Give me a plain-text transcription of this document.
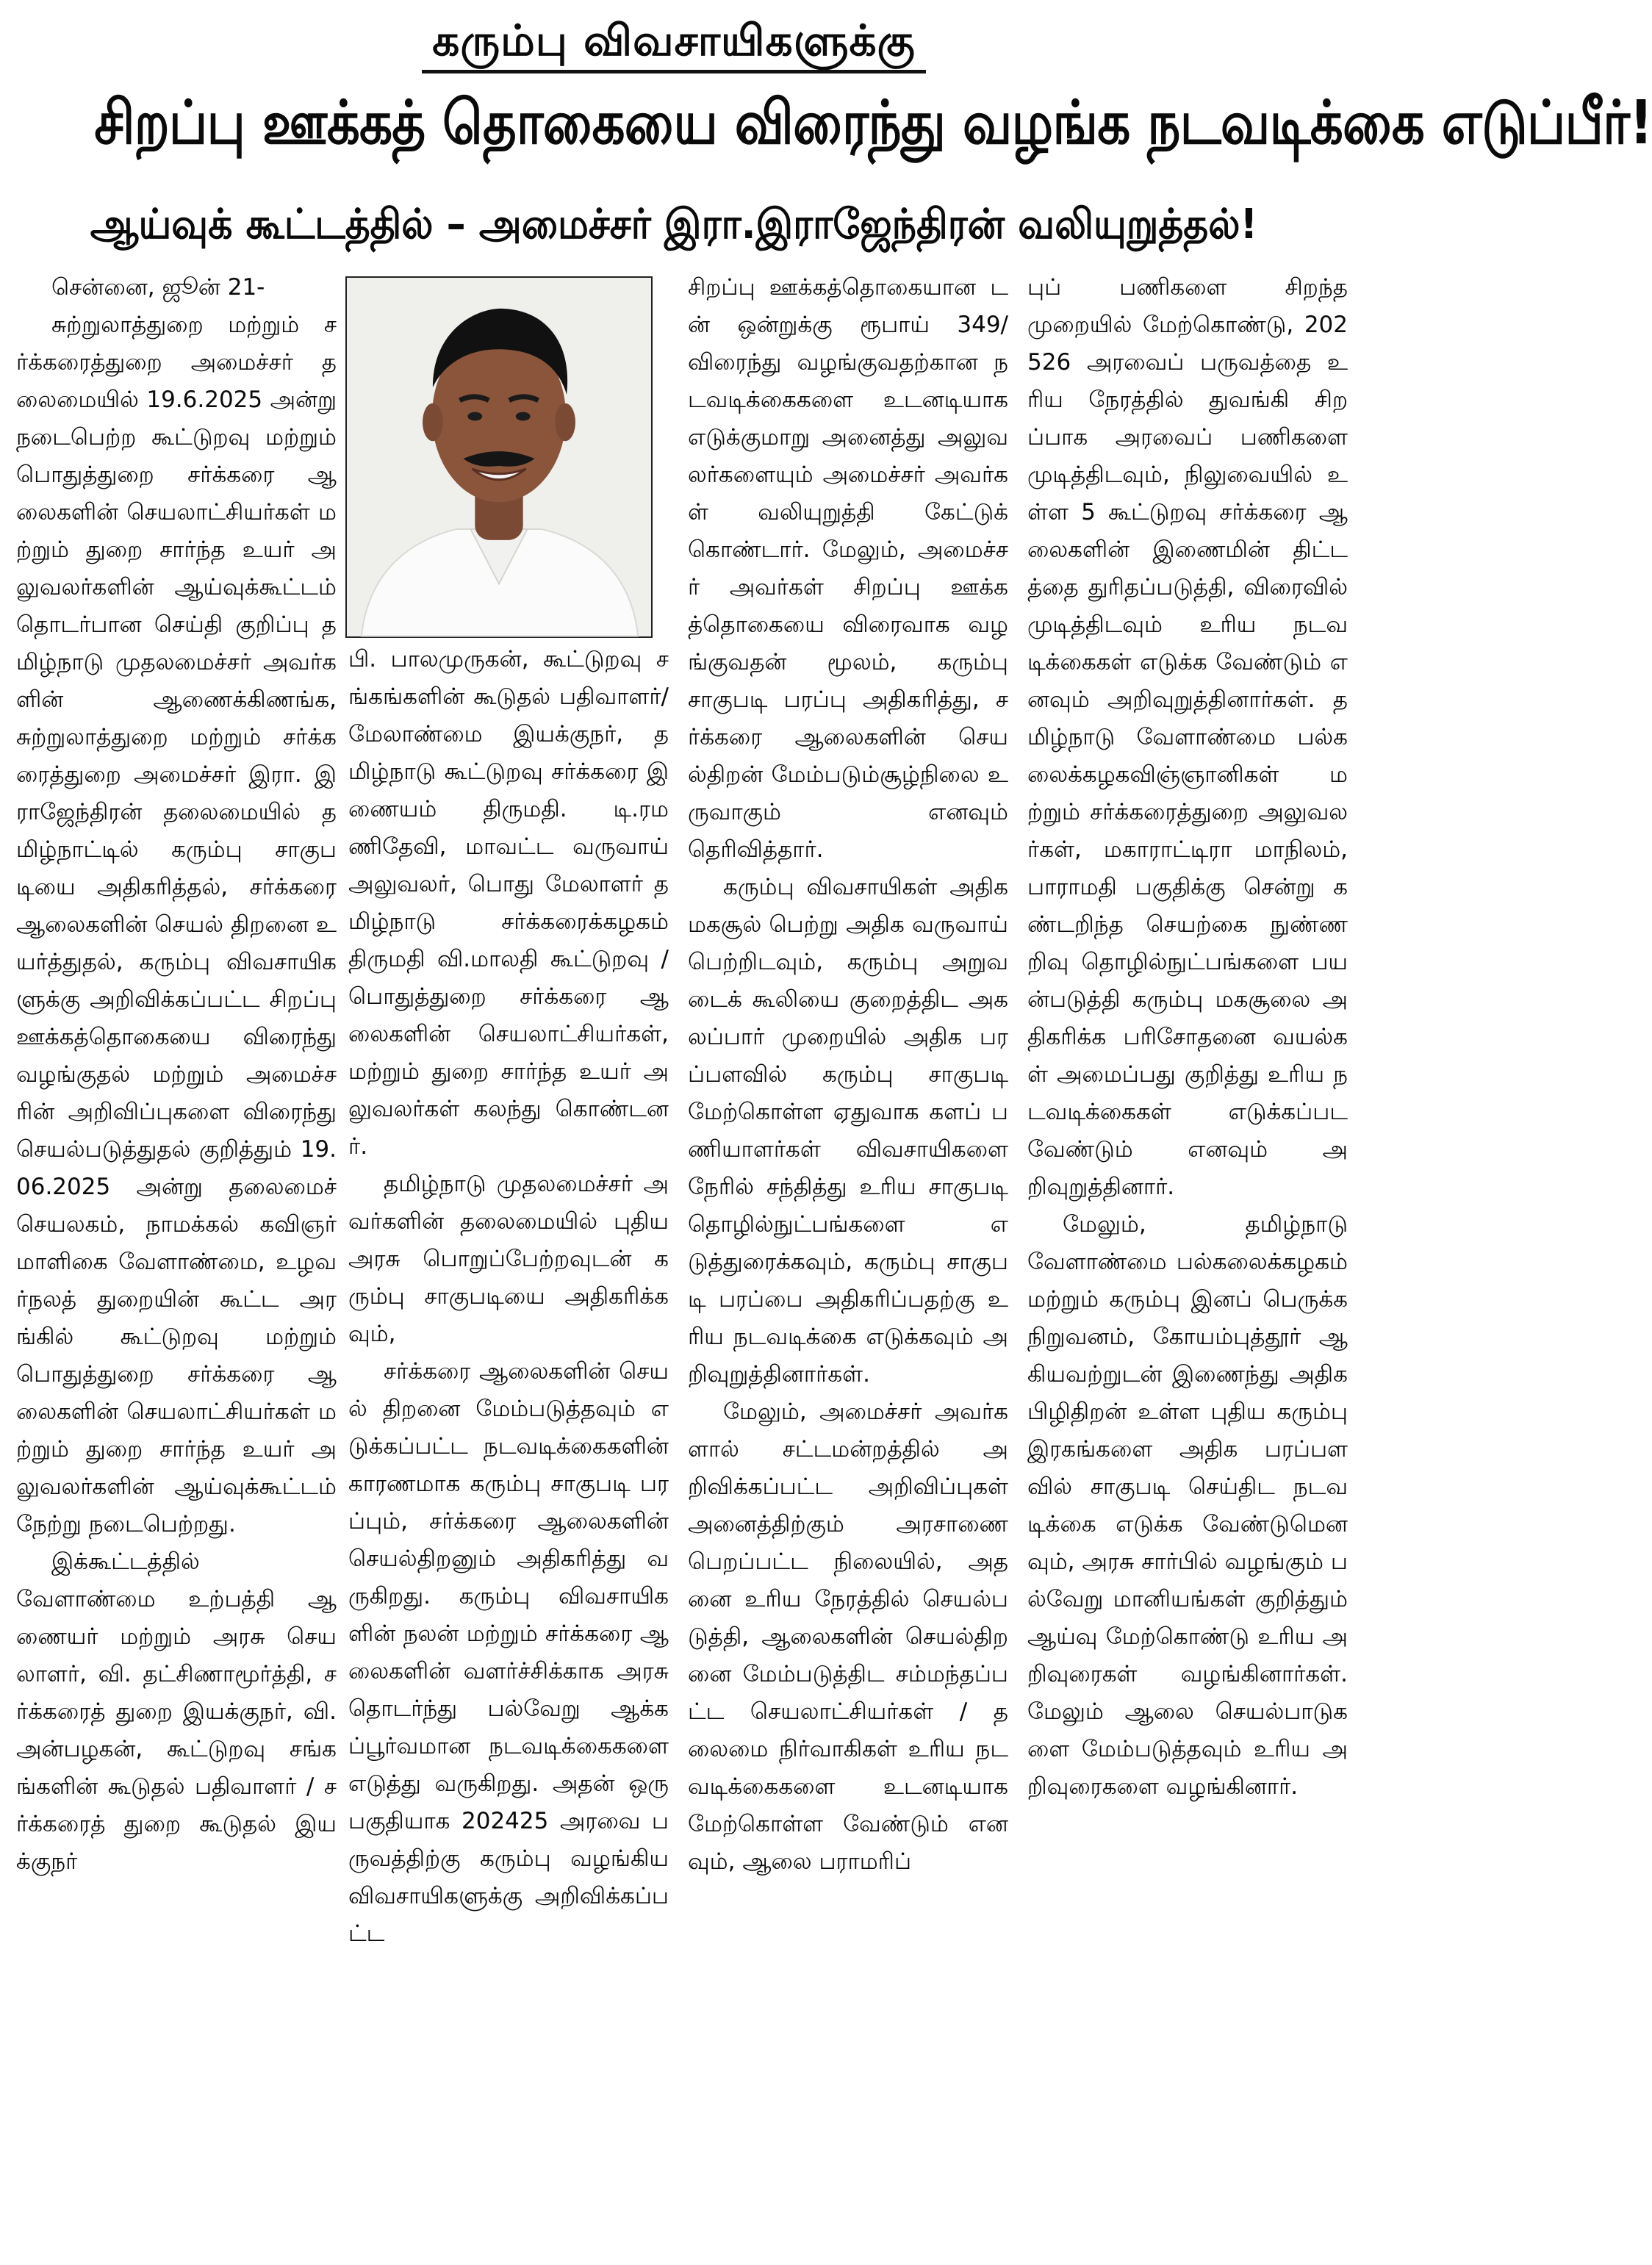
கரும்பு விவசாயிகளுக்கு
சிறப்பு ஊக்கத் தொகையை விரைந்து வழங்க நடவடிக்கை எடுப்பீர்!
ஆய்வுக் கூட்டத்தில் – அமைச்சர் இரா.இராஜேந்திரன் வலியுறுத்தல்!

சென்னை, ஜூன் 21-

சுற்றுலாத்துறை மற்றும் சர்க்கரைத்துறை அமைச்சர் தலைமையில் 19.6.2025 அன்று நடைபெற்ற கூட்டுறவு மற்றும் பொதுத்துறை சர்க்கரை ஆலைகளின் செயலாட்சியர்கள் மற்றும் துறை சார்ந்த உயர் அலுவலர்களின் ஆய்வுக்கூட்டம் தொடர்பான செய்தி குறிப்பு தமிழ்நாடு முதலமைச்சர் அவர்களின் ஆணைக்கிணங்க, சுற்றுலாத்துறை மற்றும் சர்க்கரைத்துறை அமைச்சர் இரா. இராஜேந்திரன் தலைமையில் தமிழ்நாட்டில் கரும்பு சாகுபடியை அதிகரித்தல், சர்க்கரை ஆலைகளின் செயல் திறனை உயர்த்துதல், கரும்பு விவசாயிகளுக்கு அறிவிக்கப்பட்ட சிறப்பு ஊக்கத்தொகையை விரைந்து வழங்குதல் மற்றும் அமைச்சரின் அறிவிப்புகளை விரைந்து செயல்படுத்துதல் குறித்தும் 19.06.2025 அன்று தலைமைச் செயலகம், நாமக்கல் கவிஞர் மாளிகை வேளாண்மை, உழவர்நலத் துறையின் கூட்ட அரங்கில் கூட்டுறவு மற்றும் பொதுத்துறை சர்க்கரை ஆலைகளின் செயலாட்சியர்கள் மற்றும் துறை சார்ந்த உயர் அலுவலர்களின் ஆய்வுக்கூட்டம் நேற்று நடைபெற்றது.

இக்கூட்டத்தில் வேளாண்மை உற்பத்தி ஆணையர் மற்றும் அரசு செயலாளர், வி. தட்சிணாமூர்த்தி, சர்க்கரைத் துறை இயக்குநர், வி.அன்பழகன், கூட்டுறவு சங்கங்களின் கூடுதல் பதிவாளர் / சர்க்கரைத் துறை கூடுதல் இயக்குநர்

பி. பாலமுருகன், கூட்டுறவு சங்கங்களின் கூடுதல் பதிவாளர்/மேலாண்மை இயக்குநர், தமிழ்நாடு கூட்டுறவு சர்க்கரை இணையம் திருமதி. டி.ரமணிதேவி, மாவட்ட வருவாய் அலுவலர், பொது மேலாளர் தமிழ்நாடு சர்க்கரைக்கழகம் திருமதி வி.மாலதி கூட்டுறவு /பொதுத்துறை சர்க்கரை ஆலைகளின் செயலாட்சியர்கள், மற்றும் துறை சார்ந்த உயர் அலுவலர்கள் கலந்து கொண்டனர்.

தமிழ்நாடு முதலமைச்சர் அவர்களின் தலைமையில் புதிய அரசு பொறுப்பேற்றவுடன் கரும்பு சாகுபடியை அதிகரிக்கவும்,

சர்க்கரை ஆலைகளின் செயல் திறனை மேம்படுத்தவும் எடுக்கப்பட்ட நடவடிக்கைகளின் காரணமாக கரும்பு சாகுபடி பரப்பும், சர்க்கரை ஆலைகளின் செயல்திறனும் அதிகரித்து வருகிறது. கரும்பு விவசாயிகளின் நலன் மற்றும் சர்க்கரை ஆலைகளின் வளர்ச்சிக்காக அரசு தொடர்ந்து பல்வேறு ஆக்கப்பூர்வமான நடவடிக்கைகளை எடுத்து வருகிறது. அதன் ஒரு பகுதியாக 202425 அரவை பருவத்திற்கு கரும்பு வழங்கிய விவசாயிகளுக்கு அறிவிக்கப்பட்ட

சிறப்பு ஊக்கத்தொகையான டன் ஒன்றுக்கு ரூபாய் 349/ விரைந்து வழங்குவதற்கான நடவடிக்கைகளை உடனடியாக எடுக்குமாறு அனைத்து அலுவலர்களையும் அமைச்சர் அவர்கள் வலியுறுத்தி கேட்டுக் கொண்டார். மேலும், அமைச்சர் அவர்கள் சிறப்பு ஊக்கத்தொகையை விரைவாக வழங்குவதன் மூலம், கரும்பு சாகுபடி பரப்பு அதிகரித்து, சர்க்கரை ஆலைகளின் செயல்திறன் மேம்படும்சூழ்நிலை உருவாகும் எனவும் தெரிவித்தார்.

கரும்பு விவசாயிகள் அதிக மகசூல் பெற்று அதிக வருவாய் பெற்றிடவும், கரும்பு அறுவடைக் கூலியை குறைத்திட அகலப்பார் முறையில் அதிக பரப்பளவில் கரும்பு சாகுபடி மேற்கொள்ள ஏதுவாக களப் பணியாளர்கள் விவசாயிகளை நேரில் சந்தித்து உரிய சாகுபடி தொழில்நுட்பங்களை எடுத்துரைக்கவும், கரும்பு சாகுபடி பரப்பை அதிகரிப்பதற்கு உரிய நடவடிக்கை எடுக்கவும் அறிவுறுத்தினார்கள்.

மேலும், அமைச்சர் அவர்களால் சட்டமன்றத்தில் அறிவிக்கப்பட்ட அறிவிப்புகள் அனைத்திற்கும் அரசாணை பெறப்பட்ட நிலையில், அதனை உரிய நேரத்தில் செயல்படுத்தி, ஆலைகளின் செயல்திறனை மேம்படுத்திட சம்மந்தப்பட்ட செயலாட்சியர்கள் / தலைமை நிர்வாகிகள் உரிய நடவடிக்கைகளை உடனடியாக மேற்கொள்ள வேண்டும் எனவும், ஆலை பராமரிப்

புப் பணிகளை சிறந்த முறையில் மேற்கொண்டு, 202526 அரவைப் பருவத்தை உரிய நேரத்தில் துவங்கி சிறப்பாக அரவைப் பணிகளை முடித்திடவும், நிலுவையில் உள்ள 5 கூட்டுறவு சர்க்கரை ஆலைகளின் இணைமின் திட்டத்தை துரிதப்படுத்தி, விரைவில் முடித்திடவும் உரிய நடவடிக்கைகள் எடுக்க வேண்டும் எனவும் அறிவுறுத்தினார்கள். தமிழ்நாடு வேளாண்மை பல்கலைக்கழகவிஞ்ஞானிகள் மற்றும் சர்க்கரைத்துறை அலுவலர்கள், மகாராட்டிரா மாநிலம், பாராமதி பகுதிக்கு சென்று கண்டறிந்த செயற்கை நுண்ணறிவு தொழில்நுட்பங்களை பயன்படுத்தி கரும்பு மகசூலை அதிகரிக்க பரிசோதனை வயல்கள் அமைப்பது குறித்து உரிய நடவடிக்கைகள் எடுக்கப்பட வேண்டும் எனவும் அறிவுறுத்தினார்.

மேலும், தமிழ்நாடு வேளாண்மை பல்கலைக்கழகம் மற்றும் கரும்பு இனப் பெருக்க நிறுவனம், கோயம்புத்தூர் ஆகியவற்றுடன் இணைந்து அதிக பிழிதிறன் உள்ள புதிய கரும்பு இரகங்களை அதிக பரப்பளவில் சாகுபடி செய்திட நடவடிக்கை எடுக்க வேண்டுமெனவும், அரசு சார்பில் வழங்கும் பல்வேறு மானியங்கள் குறித்தும் ஆய்வு மேற்கொண்டு உரிய அறிவுரைகள் வழங்கினார்கள். மேலும் ஆலை செயல்பாடுகளை மேம்படுத்தவும் உரிய அறிவுரைகளை வழங்கினார்.
